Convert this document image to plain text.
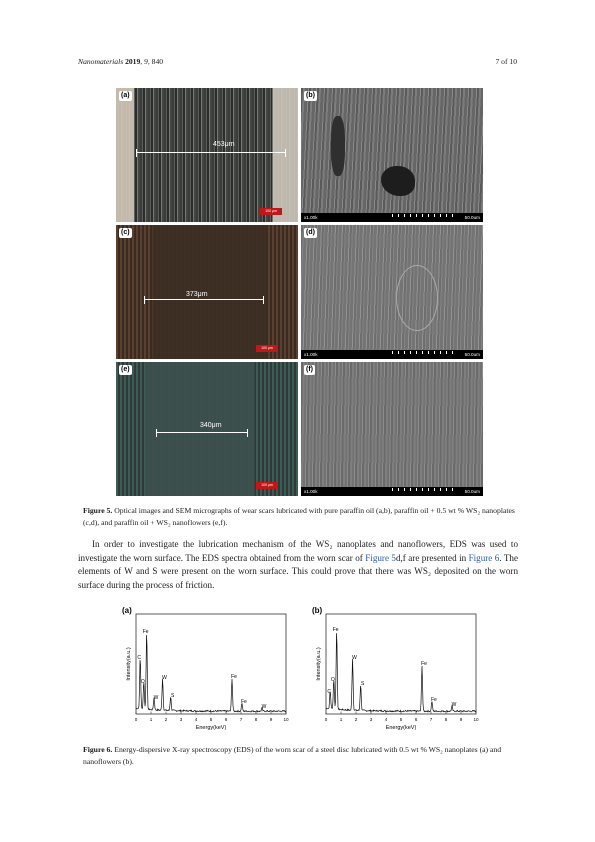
Nanomaterials 2019, 9, 840	7 of 10
(a)
453μm
100 μm
(b)
x1.00k	50.0um
(c)
373μm
100 μm
(d)
x1.00k	50.0um
(e)
340μm
100 μm
(f)
x1.00k	50.0um
Figure 5. Optical images and SEM micrographs of wear scars lubricated with pure paraffin oil (a,b), paraffin oil + 0.5 wt % WS₂ nanoplates (c,d), and paraffin oil + WS₂ nanoflowers (e,f).

In order to investigate the lubrication mechanism of the WS₂ nanoplates and nanoflowers, EDS was used to investigate the worn surface. The EDS spectra obtained from the worn scar of Figure 5d,f are presented in Figure 6. The elements of W and S were present on the worn surface. This could prove that there was WS₂ deposited on the worn surface during the process of friction.

(a)
0	1	2	3	4	5	6	7	8	9 10
Energy(keV)
Intensity(a.u.) C
O
Fe
W
W	S
Fe
Fe
W
(b)
0	1	2	3	4	5	6	7	8	9 10
Energy(keV)
Intensity(a.u.)
C
O
Fe
W
S
Fe
Fe
W
Figure 6. Energy-dispersive X-ray spectroscopy (EDS) of the worn scar of a steel disc lubricated with 0.5 wt % WS₂ nanoplates (a) and nanoflowers (b).
